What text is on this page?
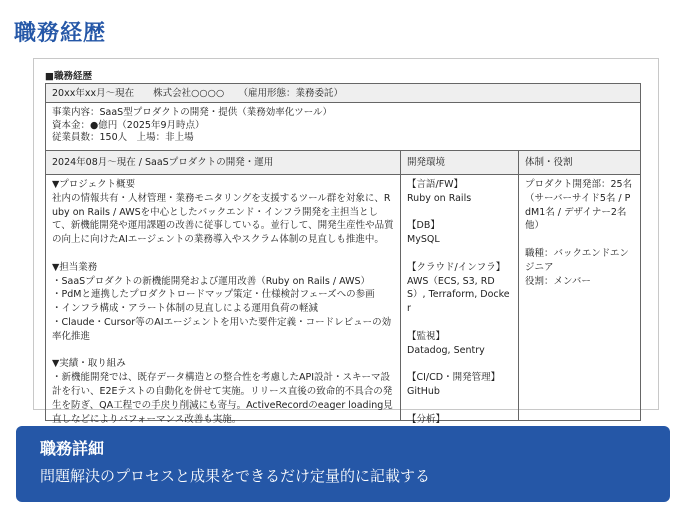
職務経歴
■職務経歴
20xx年xx月〜現在　　株式会社○○○○　　（雇用形態：業務委託）
事業内容：SaaS型プロダクトの開発・提供（業務効率化ツール）
資本金：●億円（2025年9月時点）
従業員数：150人　上場：非上場
2024年08月〜現在 / SaaSプロダクトの開発・運用	開発環境	体制・役割
▼プロジェクト概要
社内の情報共有・人材管理・業務モニタリングを支援するツール群を対象に、Ruby on Rails / AWSを中心としたバックエンド・インフラ開発を主担当とし て、新機能開発や運用課題の改善に従事している。並行して、開発生産性や品質の向上に向けたAIエージェントの業務導入やスクラム体制の見直しも推進中。

▼担当業務
・SaaSプロダクトの新機能開発および運用改善（Ruby on Rails / AWS）
・PdMと連携したプロダクトロードマップ策定・仕様検討フェーズへの参画
・インフラ構成・アラート体制の見直しによる運用負荷の軽減
・Claude・Cursor等のAIエージェントを用いた要件定義・コードレビューの効率化推進

▼実績・取り組み
・新機能開発では、既存データ構造との整合性を考慮したAPI設計・スキーマ設計を行い、E2Eテストの自動化を併せて実施。リリース直後の致命的不具合の発生を防ぎ、QA工程での手戻り削減にも寄与。ActiveRecordのeager loading見直しなどによりパフォーマンス改善も実施。
【言語/FW】
Ruby on Rails

【DB】
MySQL

【クラウド/インフラ】
AWS（ECS, S3, RDS）, Terraform, Docker

【監視】
Datadog, Sentry

【CI/CD・開発管理】
GitHub

【分析】

プロダクト開発部：25名（サーバーサイド5名 / PdM1名 / デザイナー2名他）

職種：バックエンドエンジニア
役割：メンバー
職務詳細
問題解決のプロセスと成果をできるだけ定量的に記載する
